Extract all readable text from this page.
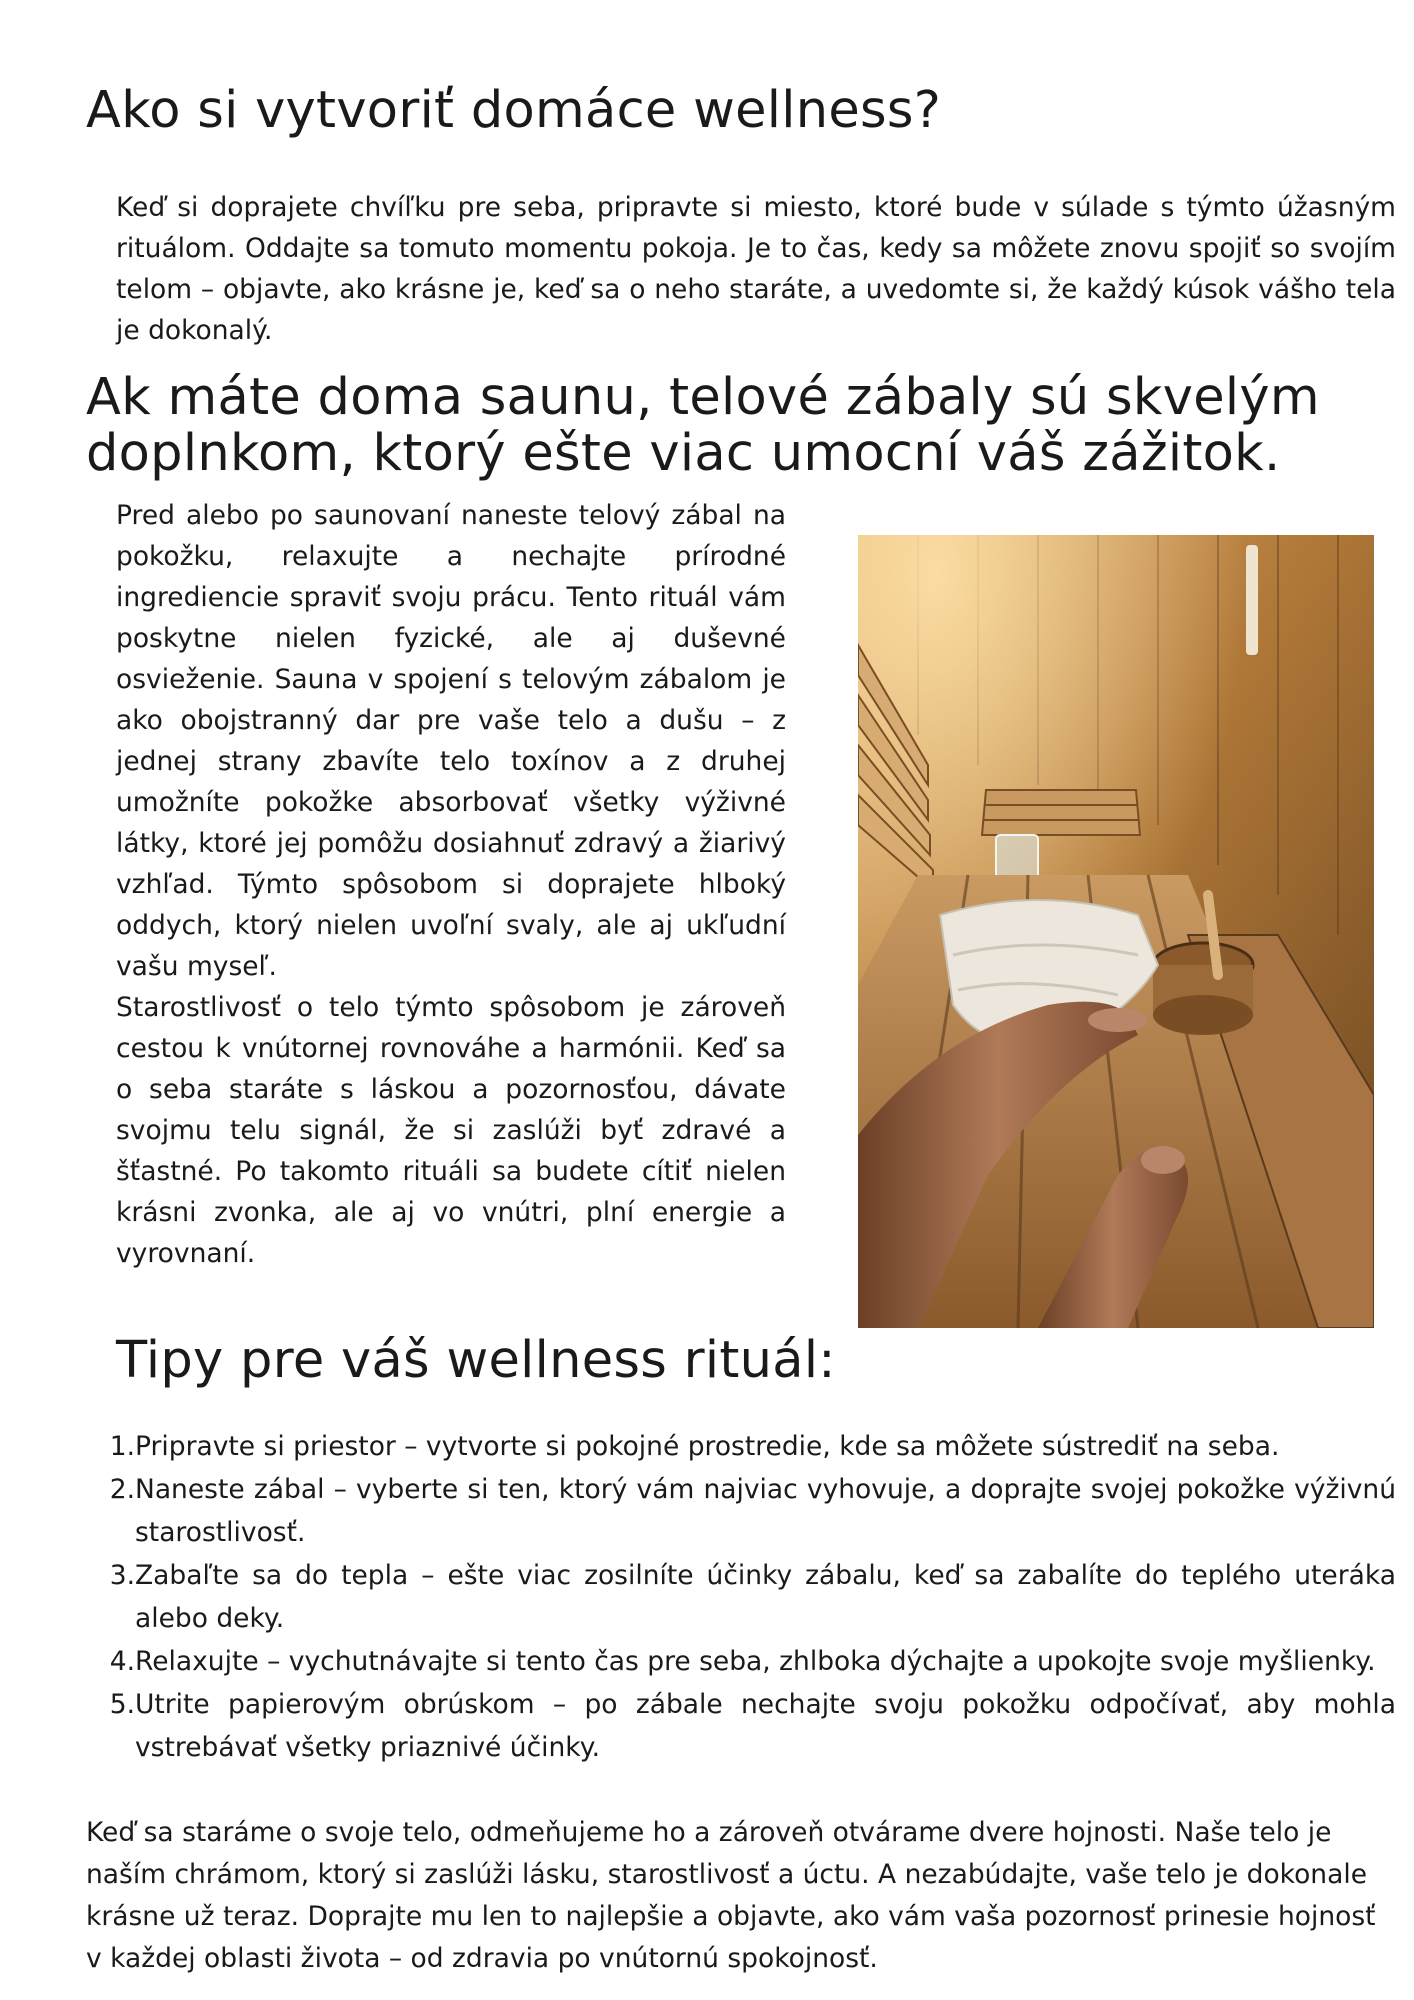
Ako si vytvoriť domáce wellness?

Keď si doprajete chvíľku pre seba, pripravte si miesto, ktoré bude v súlade s týmto úžasným rituálom. Oddajte sa tomuto momentu pokoja. Je to čas, kedy sa môžete znovu spojiť so svojím telom – objavte, ako krásne je, keď sa o neho staráte, a uvedomte si, že každý kúsok vášho tela je dokonalý.

Ak máte doma saunu, telové zábaly sú skvelým doplnkom, ktorý ešte viac umocní váš zážitok.

Pred alebo po saunovaní naneste telový zábal na pokožku, relaxujte a nechajte prírodné ingrediencie spraviť svoju prácu. Tento rituál vám poskytne nielen fyzické, ale aj duševné osvieženie. Sauna v spojení s telovým zábalom je ako obojstranný dar pre vaše telo a dušu – z jednej strany zbavíte telo toxínov a z druhej umožníte pokožke absorbovať všetky výživné látky, ktoré jej pomôžu dosiahnuť zdravý a žiarivý vzhľad. Týmto spôsobom si doprajete hlboký oddych, ktorý nielen uvoľní svaly, ale aj ukľudní vašu myseľ.

Starostlivosť o telo týmto spôsobom je zároveň cestou k vnútornej rovnováhe a harmónii. Keď sa o seba staráte s láskou a pozornosťou, dávate svojmu telu signál, že si zaslúži byť zdravé a šťastné. Po takomto rituáli sa budete cítiť nielen krásni zvonka, ale aj vo vnútri, plní energie a vyrovnaní.

Tipy pre váš wellness rituál:
1. Pripravte si priestor – vytvorte si pokojné prostredie, kde sa môžete sústrediť na seba.
2. Naneste zábal – vyberte si ten, ktorý vám najviac vyhovuje, a doprajte svojej pokožke výživnú starostlivosť.
3. Zabaľte sa do tepla – ešte viac zosilníte účinky zábalu, keď sa zabalíte do teplého uteráka alebo deky.
4. Relaxujte – vychutnávajte si tento čas pre seba, zhlboka dýchajte a upokojte svoje myšlienky.
5. Utrite papierovým obrúskom – po zábale nechajte svoju pokožku odpočívať, aby mohla vstrebávať všetky priaznivé účinky.

Keď sa staráme o svoje telo, odmeňujeme ho a zároveň otvárame dvere hojnosti. Naše telo je naším chrámom, ktorý si zaslúži lásku, starostlivosť a úctu. A nezabúdajte, vaše telo je dokonale krásne už teraz. Doprajte mu len to najlepšie a objavte, ako vám vaša pozornosť prinesie hojnosť v každej oblasti života – od zdravia po vnútornú spokojnosť.
